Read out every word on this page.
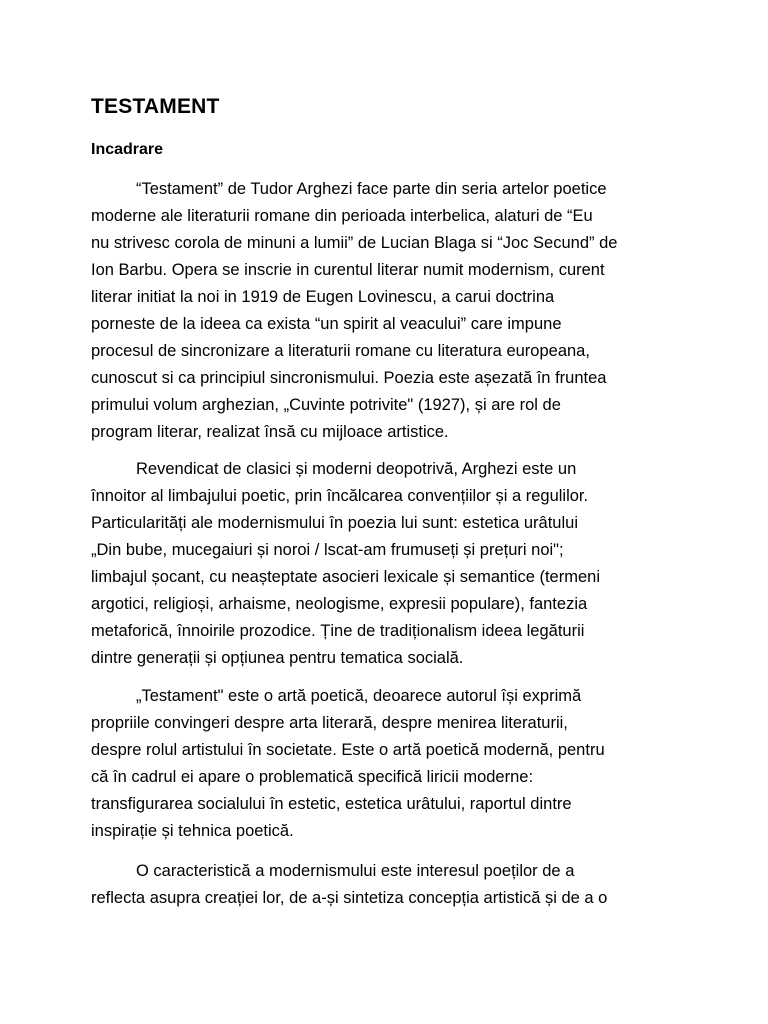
TESTAMENT
Incadrare
“Testament” de Tudor Arghezi face parte din seria artelor poetice
moderne ale literaturii romane din perioada interbelica, alaturi de “Eu
nu strivesc corola de minuni a lumii” de Lucian Blaga si “Joc Secund” de
Ion Barbu. Opera se inscrie in curentul literar numit modernism, curent
literar initiat la noi in 1919 de Eugen Lovinescu, a carui doctrina
porneste de la ideea ca exista “un spirit al veacului” care impune
procesul de sincronizare a literaturii romane cu literatura europeana,
cunoscut si ca principiul sincronismului. Poezia este așezată în fruntea
primului volum arghezian, „Cuvinte potrivite" (1927), și are rol de
program literar, realizat însă cu mijloace artistice.
Revendicat de clasici și moderni deopotrivă, Arghezi este un
înnoitor al limbajului poetic, prin încălcarea convențiilor și a regulilor.
Particularități ale modernismului în poezia lui sunt: estetica urâtului
„Din bube, mucegaiuri și noroi / lscat-am frumuseți și prețuri noi";
limbajul șocant, cu neașteptate asocieri lexicale și semantice (termeni
argotici, religioși, arhaisme, neologisme, expresii populare), fantezia
metaforică, înnoirile prozodice. Ține de tradiționalism ideea legăturii
dintre generații și opțiunea pentru tematica socială.
„Testament" este o artă poetică, deoarece autorul își exprimă
propriile convingeri despre arta literară, despre menirea literaturii,
despre rolul artistului în societate. Este o artă poetică modernă, pentru
că în cadrul ei apare o problematică specifică liricii moderne:
transfigurarea socialului în estetic, estetica urâtului, raportul dintre
inspirație și tehnica poetică.
O caracteristică a modernismului este interesul poeților de a
reflecta asupra creației lor, de a-și sintetiza concepția artistică și de a o
